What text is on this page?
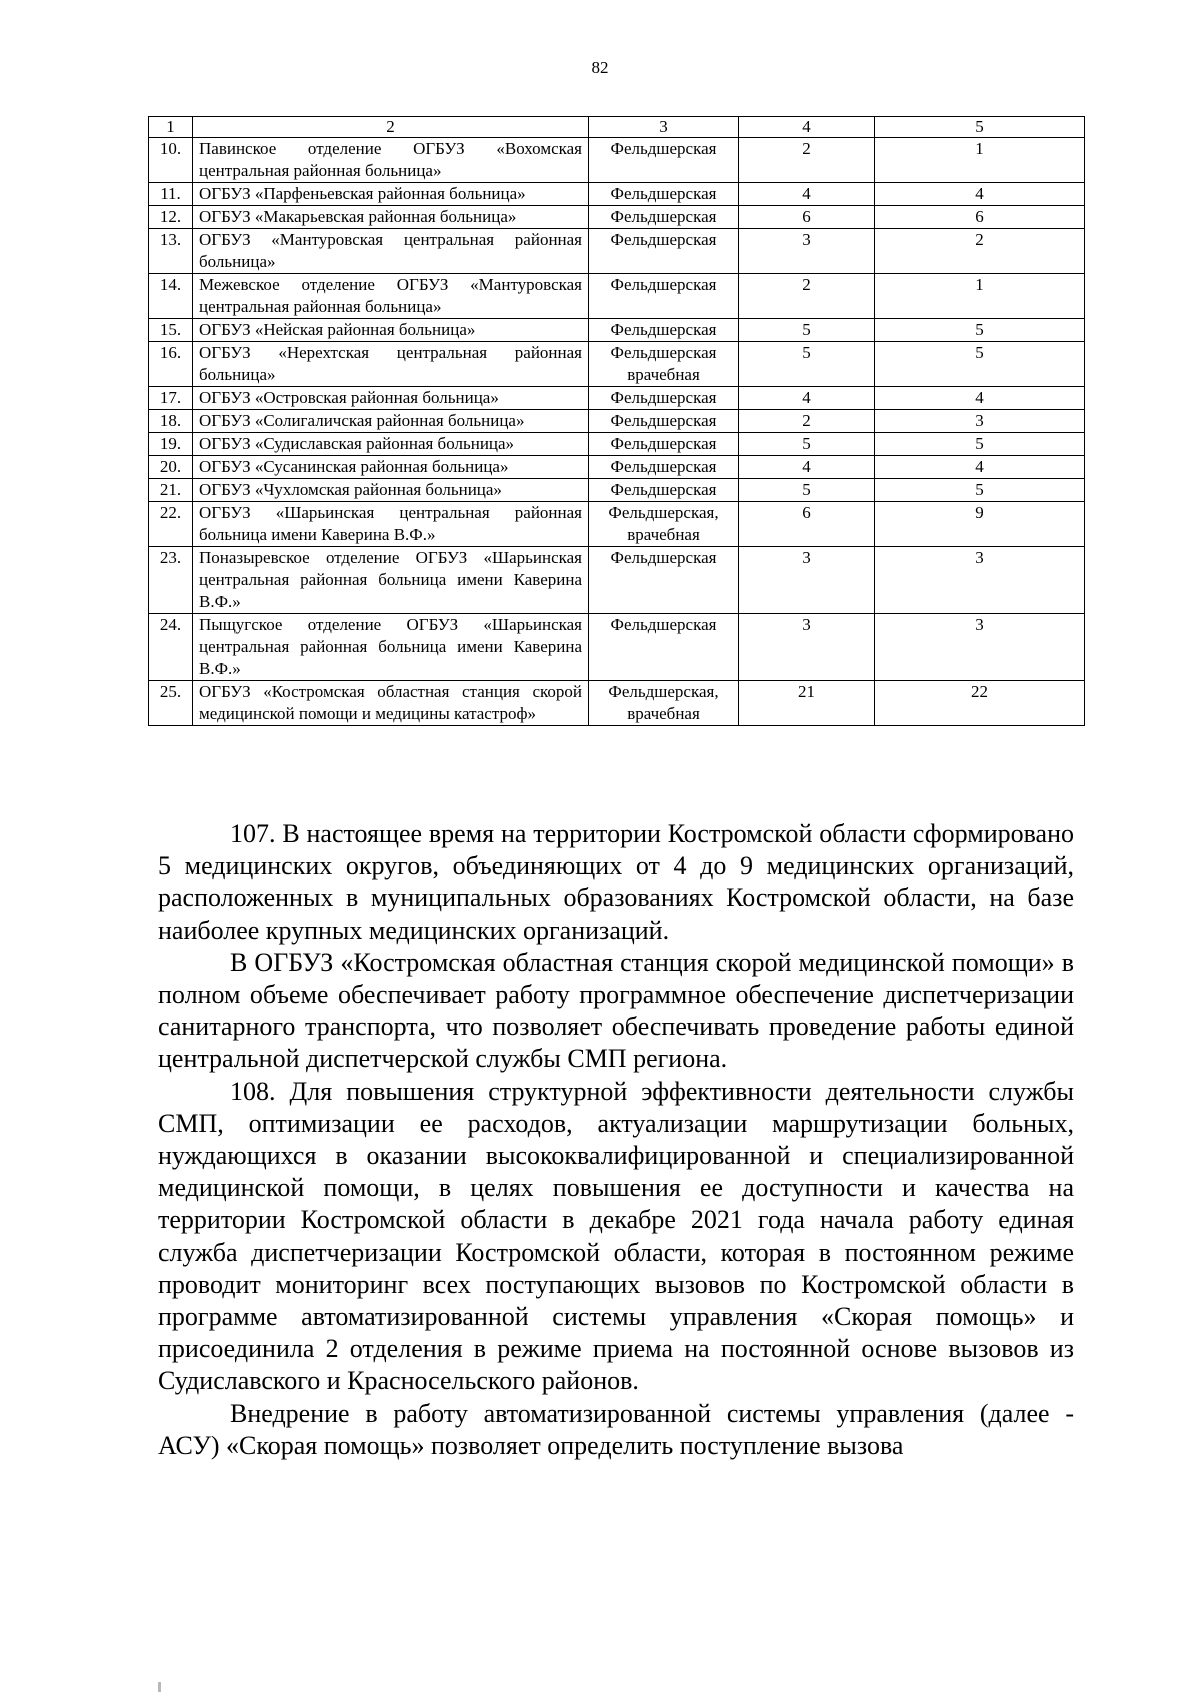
82
1	2	3	4	5
10.	Павинское отделение ОГБУЗ «Вохомская центральная районная больница»	Фельдшерская	2	1
11.	ОГБУЗ «Парфеньевская районная больница»	Фельдшерская	4	4
12.	ОГБУЗ «Макарьевская районная больница»	Фельдшерская	6	6
13.	ОГБУЗ «Мантуровская центральная районная больница»	Фельдшерская	3	2
14.	Межевское отделение ОГБУЗ «Мантуровская центральная районная больница»	Фельдшерская	2	1
15.	ОГБУЗ «Нейская районная больница»	Фельдшерская	5	5
16.	ОГБУЗ «Нерехтская центральная районная больница»	Фельдшерская врачебная	5	5
17.	ОГБУЗ «Островская районная больница»	Фельдшерская	4	4
18.	ОГБУЗ «Солигаличская районная больница»	Фельдшерская	2	3
19.	ОГБУЗ «Судиславская районная больница»	Фельдшерская	5	5
20.	ОГБУЗ «Сусанинская районная больница»	Фельдшерская	4	4
21.	ОГБУЗ «Чухломская районная больница»	Фельдшерская	5	5
22.	ОГБУЗ «Шарьинская центральная районная больница имени Каверина В.Ф.»	Фельдшерская, врачебная	6	9
23.	Поназыревское отделение ОГБУЗ «Шарьинская центральная районная больница имени Каверина В.Ф.»	Фельдшерская	3	3
24.	Пыщугское отделение ОГБУЗ «Шарьинская центральная районная больница имени Каверина В.Ф.»	Фельдшерская	3	3
25.	ОГБУЗ «Костромская областная станция скорой медицинской помощи и медицины катастроф»	Фельдшерская, врачебная	21	22

107. В настоящее время на территории Костромской области сформировано 5 медицинских округов, объединяющих от 4 до 9 медицинских организаций, расположенных в муниципальных образованиях Костромской области, на базе наиболее крупных медицинских организаций.

В ОГБУЗ «Костромская областная станция скорой медицинской помощи» в полном объеме обеспечивает работу программное обеспечение диспетчеризации санитарного транспорта, что позволяет обеспечивать проведение работы единой центральной диспетчерской службы СМП региона.

108. Для повышения структурной эффективности деятельности службы СМП, оптимизации ее расходов, актуализации маршрутизации больных, нуждающихся в оказании высококвалифицированной и специализированной медицинской помощи, в целях повышения ее доступности и качества на территории Костромской области в декабре 2021 года начала работу единая служба диспетчеризации Костромской области, которая в постоянном режиме проводит мониторинг всех поступающих вызовов по Костромской области в программе автоматизированной системы управления «Скорая помощь» и присоединила 2 отделения в режиме приема на постоянной основе вызовов из Судиславского и Красносельского районов.

Внедрение в работу автоматизированной системы управления (далее - АСУ) «Скорая помощь» позволяет определить поступление вызова
